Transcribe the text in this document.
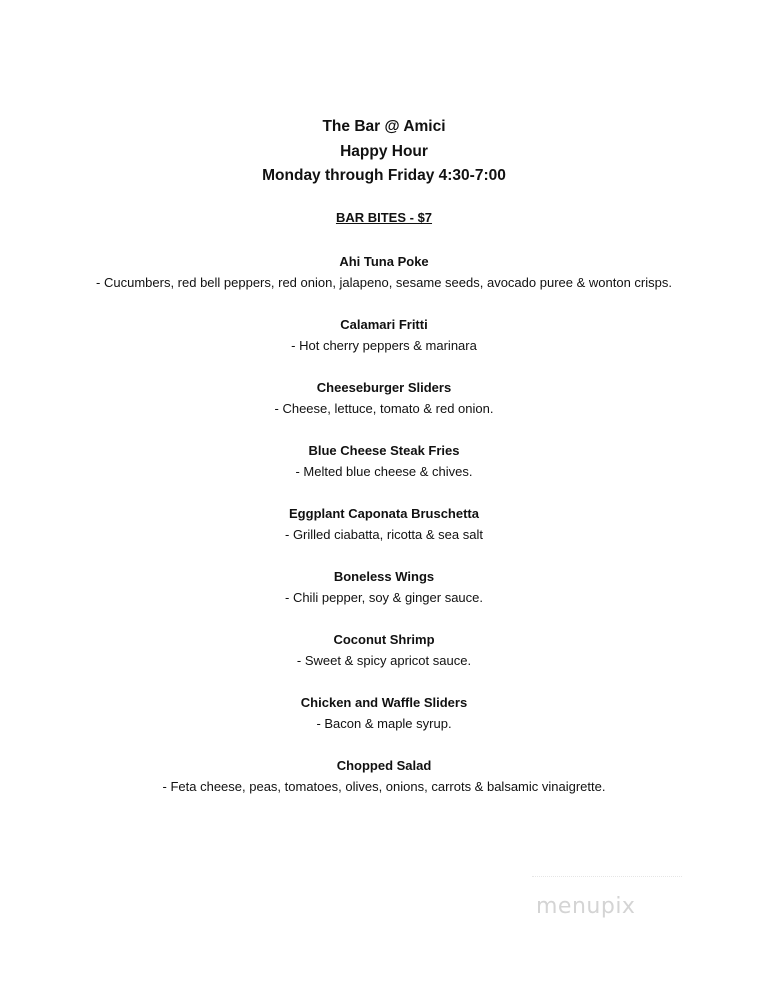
The Bar @ Amici
Happy Hour
Monday through Friday 4:30-7:00
BAR BITES - $7
Ahi Tuna Poke
- Cucumbers, red bell peppers, red onion, jalapeno, sesame seeds, avocado puree & wonton crisps.
Calamari Fritti
- Hot cherry peppers & marinara
Cheeseburger Sliders
- Cheese, lettuce, tomato & red onion.
Blue Cheese Steak Fries
- Melted blue cheese & chives.
Eggplant Caponata Bruschetta
- Grilled ciabatta, ricotta & sea salt
Boneless Wings
- Chili pepper, soy & ginger sauce.
Coconut Shrimp
- Sweet & spicy apricot sauce.
Chicken and Waffle Sliders
- Bacon & maple syrup.
Chopped Salad
- Feta cheese, peas, tomatoes, olives, onions, carrots & balsamic vinaigrette.
menupix
